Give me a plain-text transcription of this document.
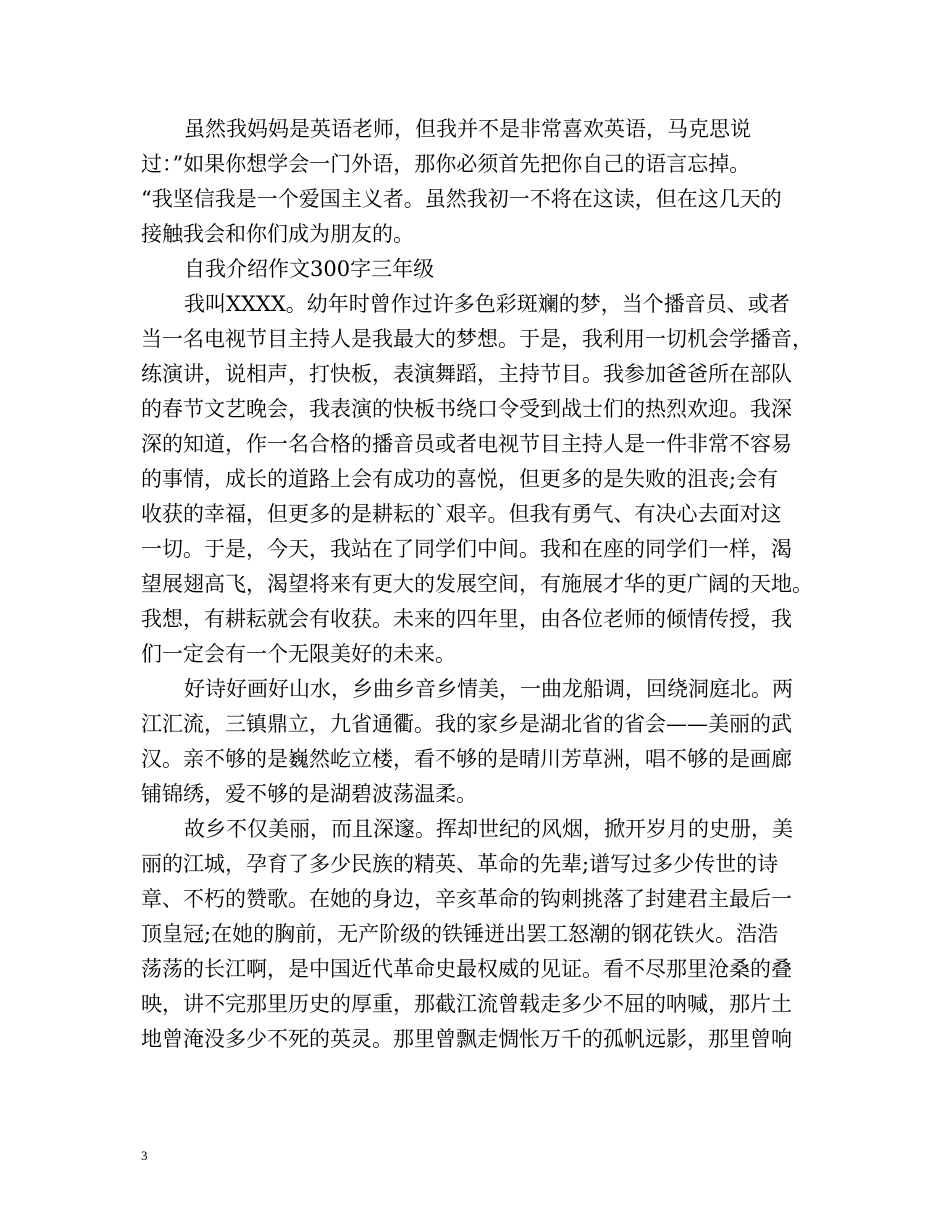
虽然我妈妈是英语老师，但我并不是非常喜欢英语，马克思说
过：”如果你想学会一门外语，那你必须首先把你自己的语言忘掉。
“我坚信我是一个爱国主义者。虽然我初一不将在这读，但在这几天的
接触我会和你们成为朋友的。
自我介绍作文300字三年级
我叫XXXX。幼年时曾作过许多色彩斑斓的梦，当个播音员、或者
当一名电视节目主持人是我最大的梦想。于是，我利用一切机会学播音，
练演讲，说相声，打快板，表演舞蹈，主持节目。我参加爸爸所在部队
的春节文艺晚会，我表演的快板书绕口令受到战士们的热烈欢迎。我深
深的知道，作一名合格的播音员或者电视节目主持人是一件非常不容易
的事情，成长的道路上会有成功的喜悦，但更多的是失败的沮丧;会有
收获的幸福，但更多的是耕耘的`艰辛。但我有勇气、有决心去面对这
一切。于是，今天，我站在了同学们中间。我和在座的同学们一样，渴
望展翅高飞，渴望将来有更大的发展空间，有施展才华的更广阔的天地。
我想，有耕耘就会有收获。未来的四年里，由各位老师的倾情传授，我
们一定会有一个无限美好的未来。
好诗好画好山水，乡曲乡音乡情美，一曲龙船调，回绕洞庭北。两
江汇流，三镇鼎立，九省通衢。我的家乡是湖北省的省会——美丽的武
汉。亲不够的是巍然屹立楼，看不够的是晴川芳草洲，唱不够的是画廊
铺锦绣，爱不够的是湖碧波荡温柔。
故乡不仅美丽，而且深邃。挥却世纪的风烟，掀开岁月的史册，美
丽的江城，孕育了多少民族的精英、革命的先辈;谱写过多少传世的诗
章、不朽的赞歌。在她的身边，辛亥革命的钩刺挑落了封建君主最后一
顶皇冠;在她的胸前，无产阶级的铁锤迸出罢工怒潮的钢花铁火。浩浩
荡荡的长江啊，是中国近代革命史最权威的见证。看不尽那里沧桑的叠
映，讲不完那里历史的厚重，那截江流曾载走多少不屈的呐喊，那片土
地曾淹没多少不死的英灵。那里曾飘走惆怅万千的孤帆远影，那里曾响
3
